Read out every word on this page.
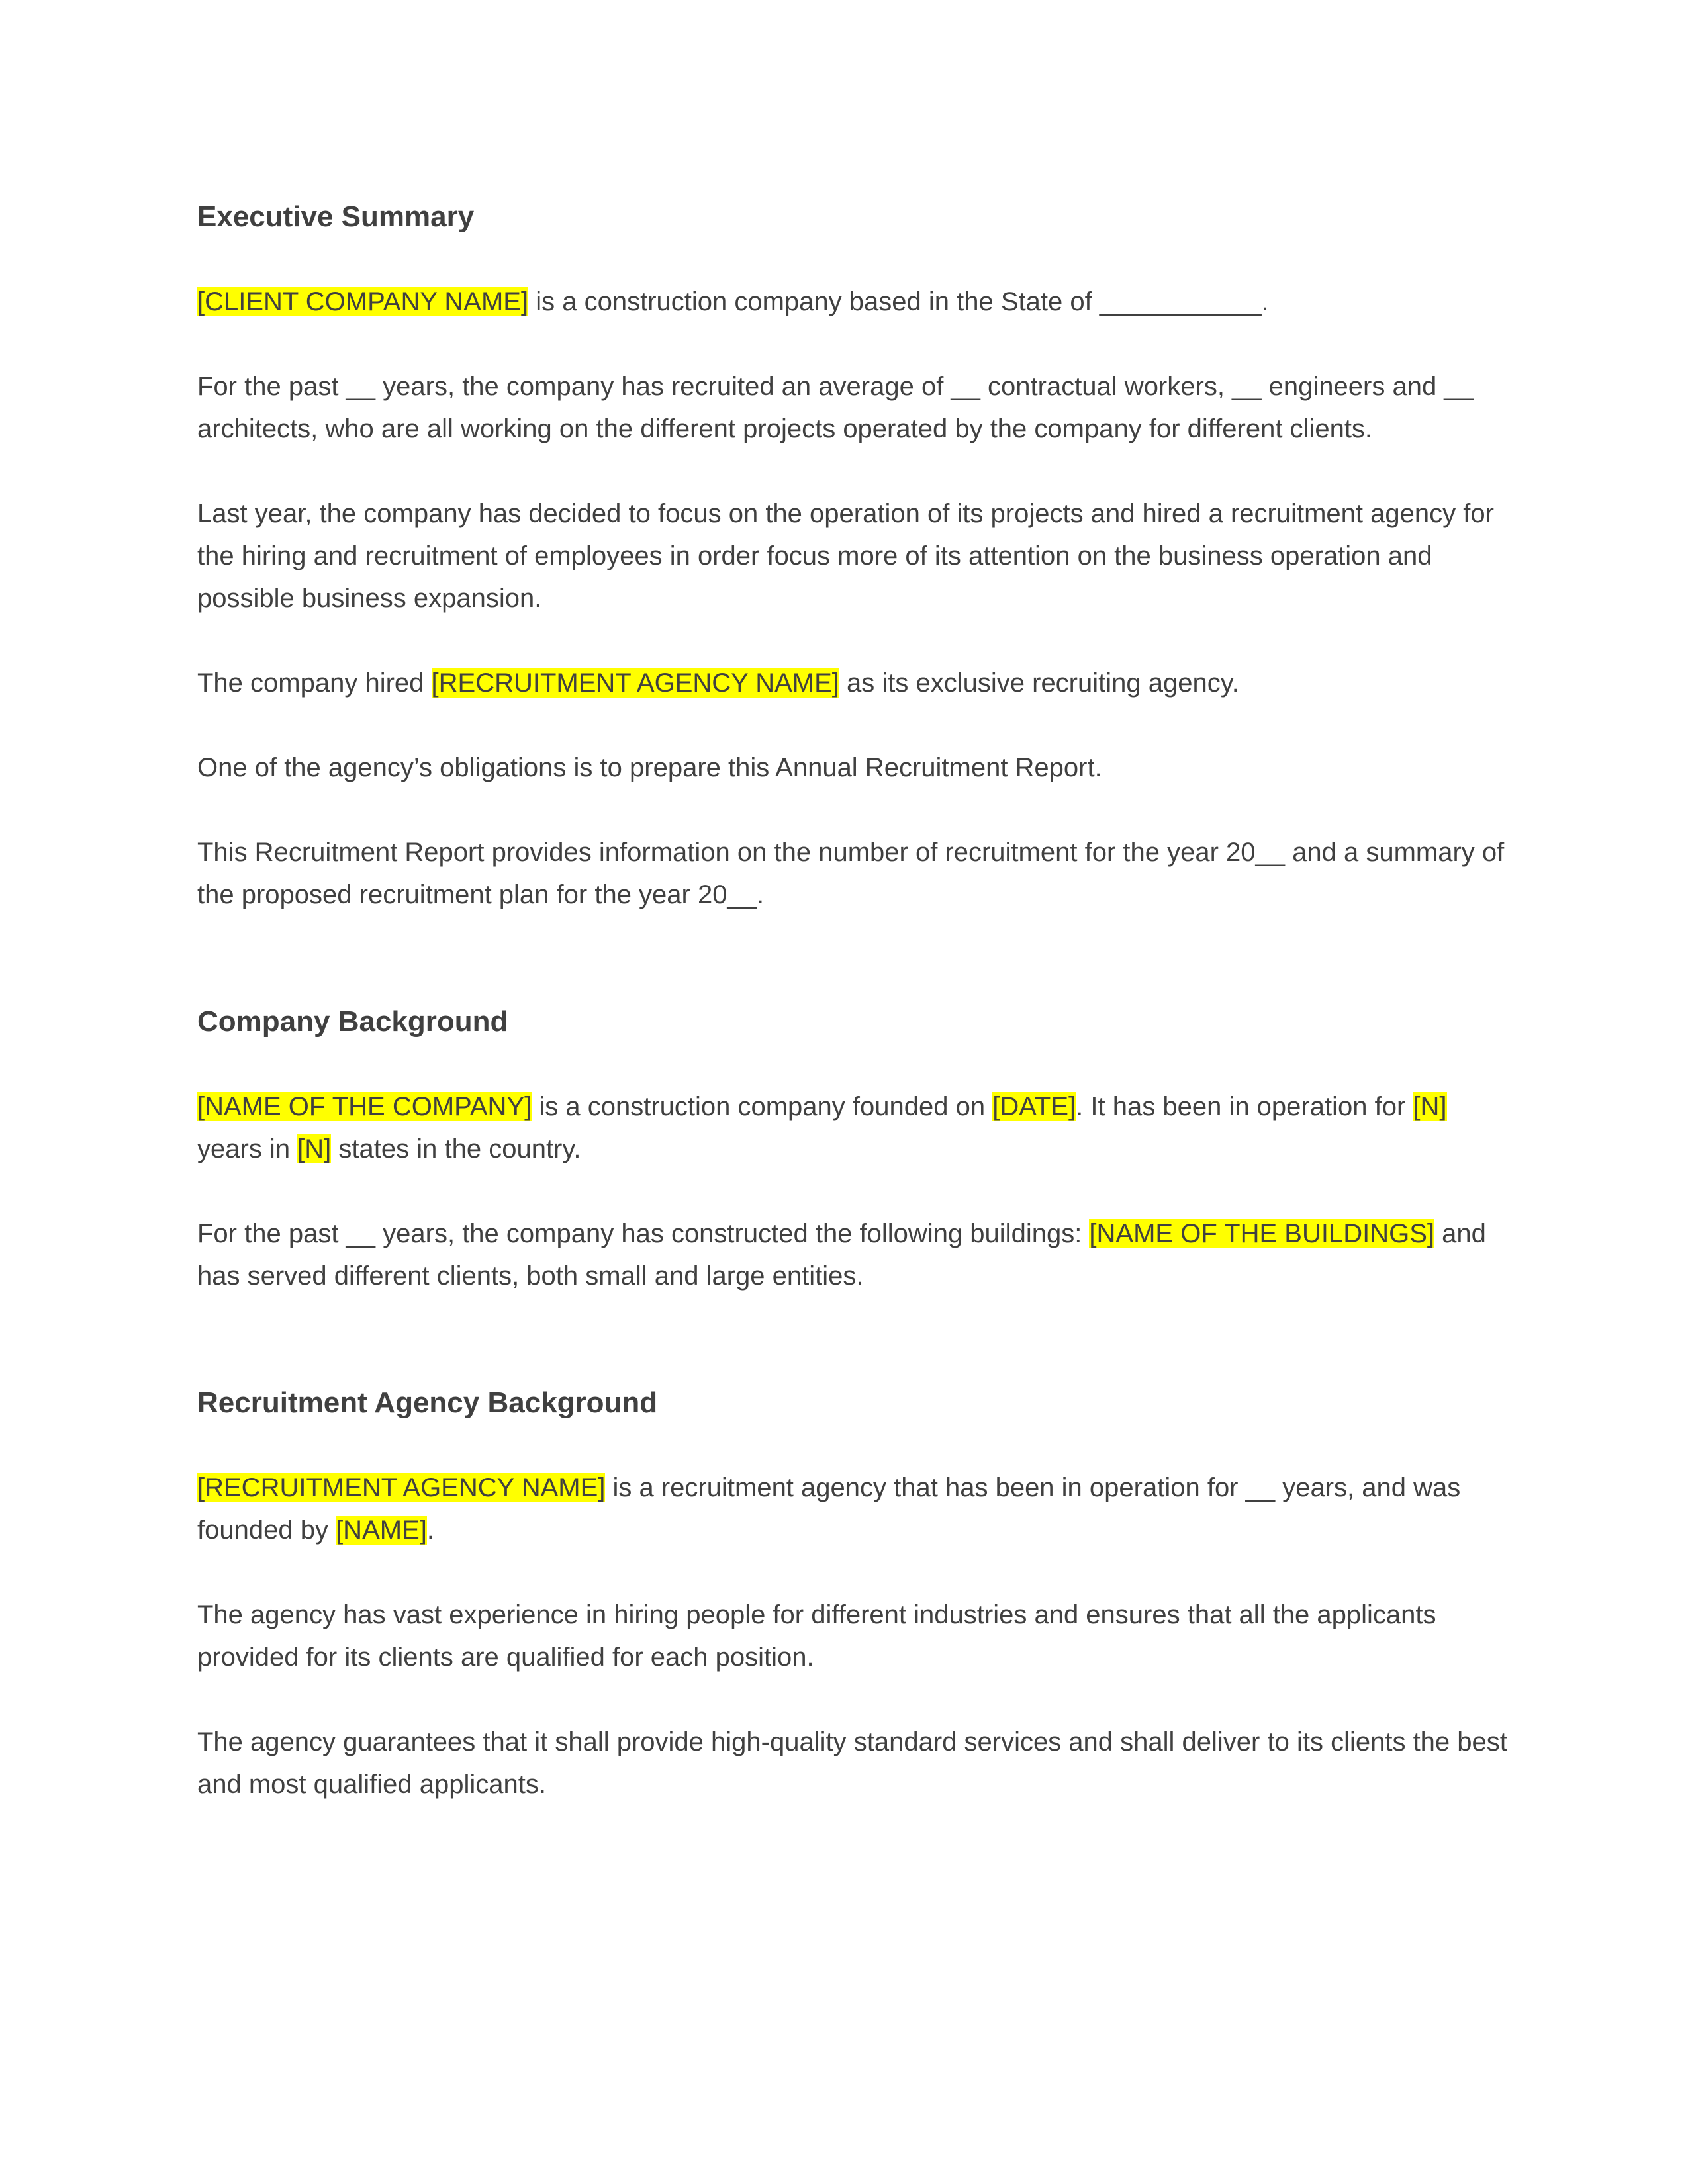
Executive Summary

[CLIENT COMPANY NAME] is a construction company based in the State of ___________.

For the past __ years, the company has recruited an average of __ contractual workers, __ engineers and __ architects, who are all working on the different projects operated by the company for different clients.

Last year, the company has decided to focus on the operation of its projects and hired a recruitment agency for the hiring and recruitment of employees in order focus more of its attention on the business operation and possible business expansion.

The company hired [RECRUITMENT AGENCY NAME] as its exclusive recruiting agency.

One of the agency’s obligations is to prepare this Annual Recruitment Report.

This Recruitment Report provides information on the number of recruitment for the year 20__ and a summary of the proposed recruitment plan for the year 20__.

Company Background

[NAME OF THE COMPANY] is a construction company founded on [DATE]. It has been in operation for [N] years in [N] states in the country.

For the past __ years, the company has constructed the following buildings: [NAME OF THE BUILDINGS] and has served different clients, both small and large entities.

Recruitment Agency Background

[RECRUITMENT AGENCY NAME] is a recruitment agency that has been in operation for __ years, and was founded by [NAME].

The agency has vast experience in hiring people for different industries and ensures that all the applicants provided for its clients are qualified for each position.

The agency guarantees that it shall provide high-quality standard services and shall deliver to its clients the best and most qualified applicants.
